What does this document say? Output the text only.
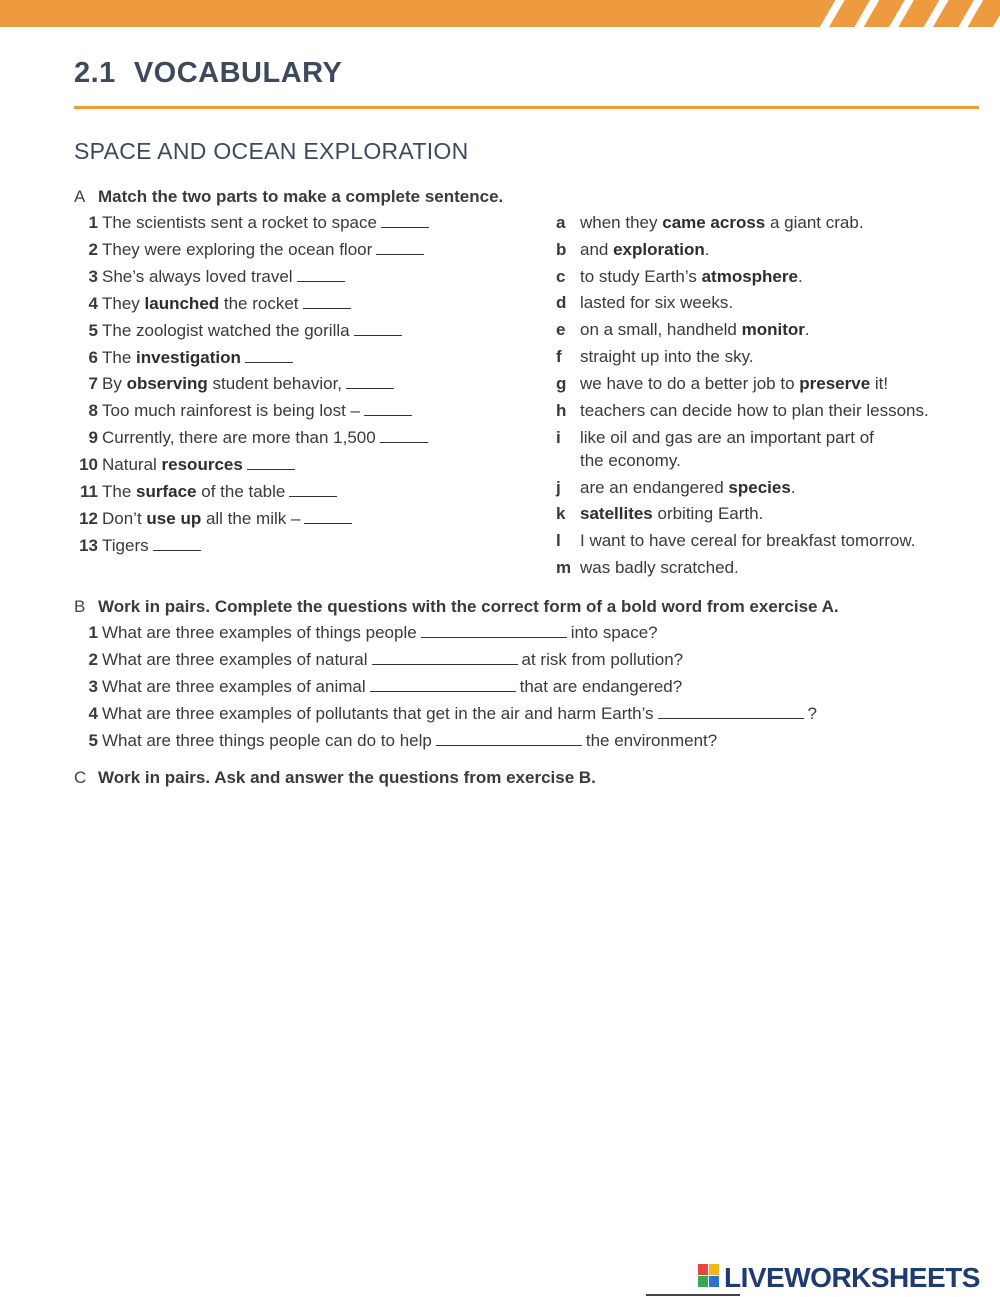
2.1 VOCABULARY
SPACE AND OCEAN EXPLORATION
A Match the two parts to make a complete sentence.
1 The scientists sent a rocket to space
2 They were exploring the ocean floor
3 She’s always loved travel
4 They launched the rocket
5 The zoologist watched the gorilla
6 The investigation
7 By observing student behavior,
8 Too much rainforest is being lost –
9 Currently, there are more than 1,500
10 Natural resources
11 The surface of the table
12 Don’t use up all the milk –
13 Tigers
a when they came across a giant crab.
b and exploration.
c to study Earth’s atmosphere.
d lasted for six weeks.
e on a small, handheld monitor.
f straight up into the sky.
g we have to do a better job to preserve it!
h teachers can decide how to plan their lessons.
i like oil and gas are an important part of
the economy.
j are an endangered species.
k satellites orbiting Earth.
l I want to have cereal for breakfast tomorrow.
m was badly scratched.
B Work in pairs. Complete the questions with the correct form of a bold word from exercise A.
1 What are three examples of things people	into space?
2 What are three examples of natural	at risk from pollution?
3 What are three examples of animal	that are endangered?
4 What are three examples of pollutants that get in the air and harm Earth’s	?
5 What are three things people can do to help	the environment?
C Work in pairs. Ask and answer the questions from exercise B.
LIVEWORKSHEETS
